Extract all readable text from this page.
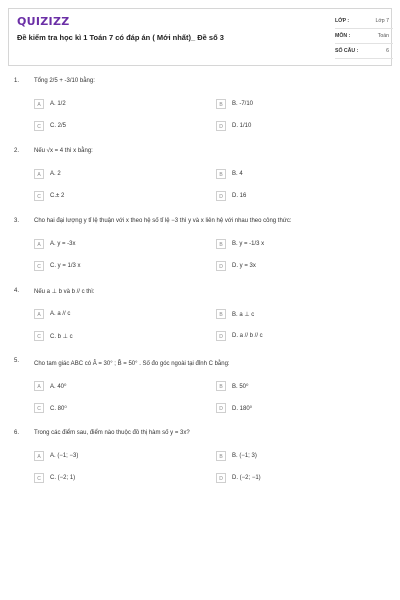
QUIZIZZ
Đề kiểm tra học kì 1 Toán 7 có đáp án ( Mới nhất)_ Đề số 3
LỚP :	Lớp 7
MÔN :	Toán
SỐ CÂU :	6
1. Tổng 2/5 + -3/10 bằng:
A	A. 1/2	B	B. -7/10
C	C. 2/5	D	D. 1/10
2. Nếu √x = 4 thì x bằng:
A	A. 2	B	B. 4
C	C.± 2	D	D. 16
3. Cho hai đại lượng y tỉ lệ thuận với x theo hệ số tỉ lệ −3 thì y và x liên hệ với nhau theo công thức:
A	A. y = -3x	B	B. y = -1/3 x
C	C. y = 1/3 x	D	D. y = 3x
4. Nếu a ⊥ b và b // c thì:
A	A. a // c	B	B. a ⊥ c
C	C. b ⊥ c	D	D. a // b // c
5. Cho tam giác ABC có Â = 30° ; B̂ = 50° . Số đo góc ngoài tại đỉnh C bằng:
A	A. 40⁰	B	B. 50⁰
C	C. 80⁰	D	D. 180⁰
6. Trong các điểm sau, điểm nào thuộc đồ thị hàm số y = 3x?
A	A. (−1; −3)	B	B. (−1; 3)
C	C. (−2; 1)	D	D. (−2; −1)
